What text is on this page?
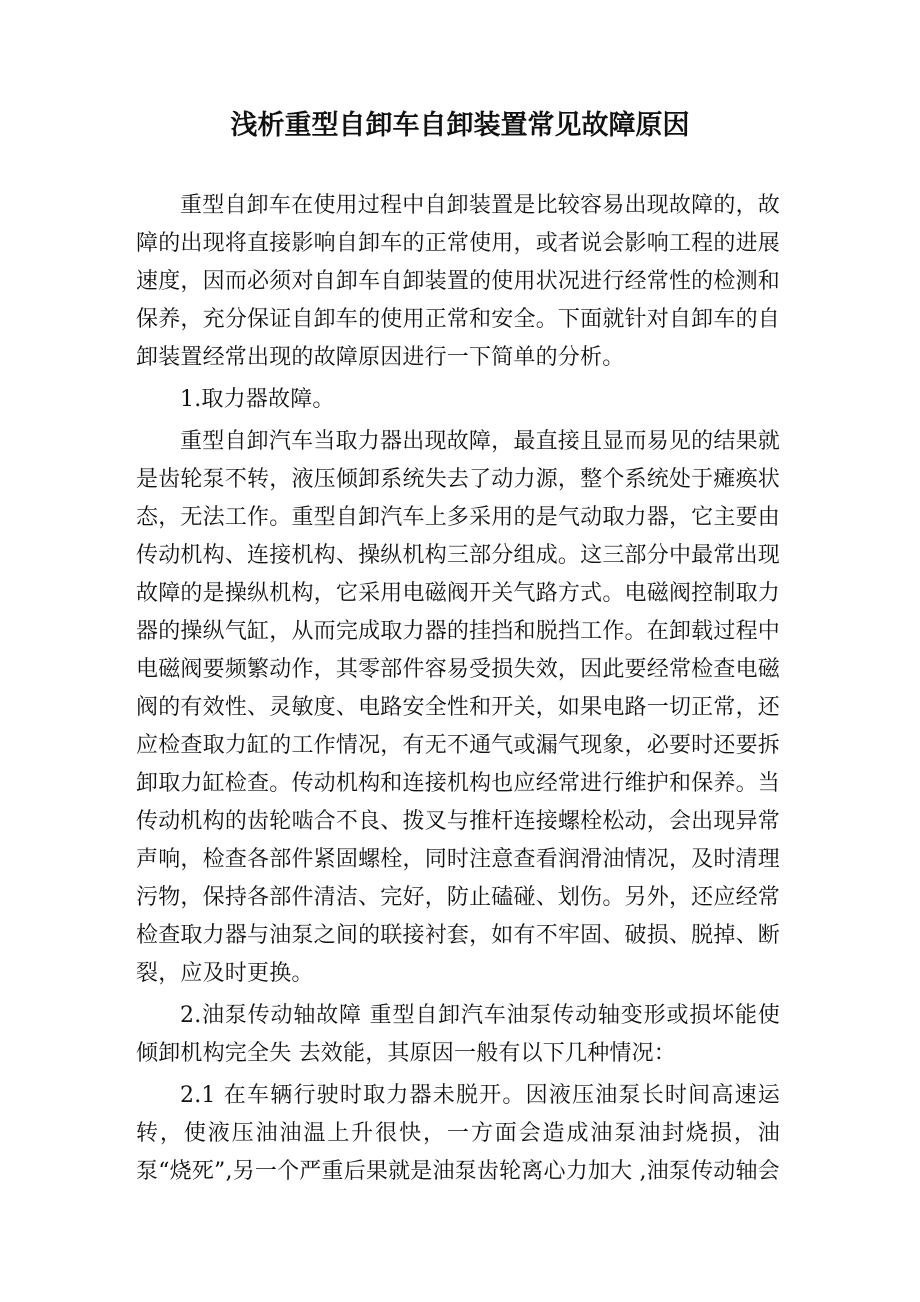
浅析重型自卸车自卸装置常见故障原因

重型自卸车在使用过程中自卸装置是比较容易出现故障的，故障的出现将直接影响自卸车的正常使用，或者说会影响工程的进展速度，因而必须对自卸车自卸装置的使用状况进行经常性的检测和保养，充分保证自卸车的使用正常和安全。下面就针对自卸车的自卸装置经常出现的故障原因进行一下简单的分析。

1.取力器故障。

重型自卸汽车当取力器出现故障，最直接且显而易见的结果就是齿轮泵不转，液压倾卸系统失去了动力源，整个系统处于瘫痪状态，无法工作。重型自卸汽车上多采用的是气动取力器，它主要由传动机构、连接机构、操纵机构三部分组成。这三部分中最常出现故障的是操纵机构，它采用电磁阀开关气路方式。电磁阀控制取力器的操纵气缸，从而完成取力器的挂挡和脱挡工作。在卸载过程中电磁阀要频繁动作，其零部件容易受损失效，因此要经常检查电磁阀的有效性、灵敏度、电路安全性和开关，如果电路一切正常，还应检查取力缸的工作情况，有无不通气或漏气现象，必要时还要拆卸取力缸检查。传动机构和连接机构也应经常进行维护和保养。当传动机构的齿轮啮合不良、拨叉与推杆连接螺栓松动，会出现异常声响，检查各部件紧固螺栓，同时注意查看润滑油情况，及时清理污物，保持各部件清洁、完好，防止磕碰、划伤。另外，还应经常检查取力器与油泵之间的联接衬套，如有不牢固、破损、脱掉、断裂，应及时更换。

2.油泵传动轴故障 重型自卸汽车油泵传动轴变形或损坏能使倾卸机构完全失 去效能，其原因一般有以下几种情况：

2.1 在车辆行驶时取力器未脱开。因液压油泵长时间高速运转，使液压油油温上升很快，一方面会造成油泵油封烧损，油泵“烧死”,另一个严重后果就是油泵齿轮离心力加大 ,油泵传动轴会
